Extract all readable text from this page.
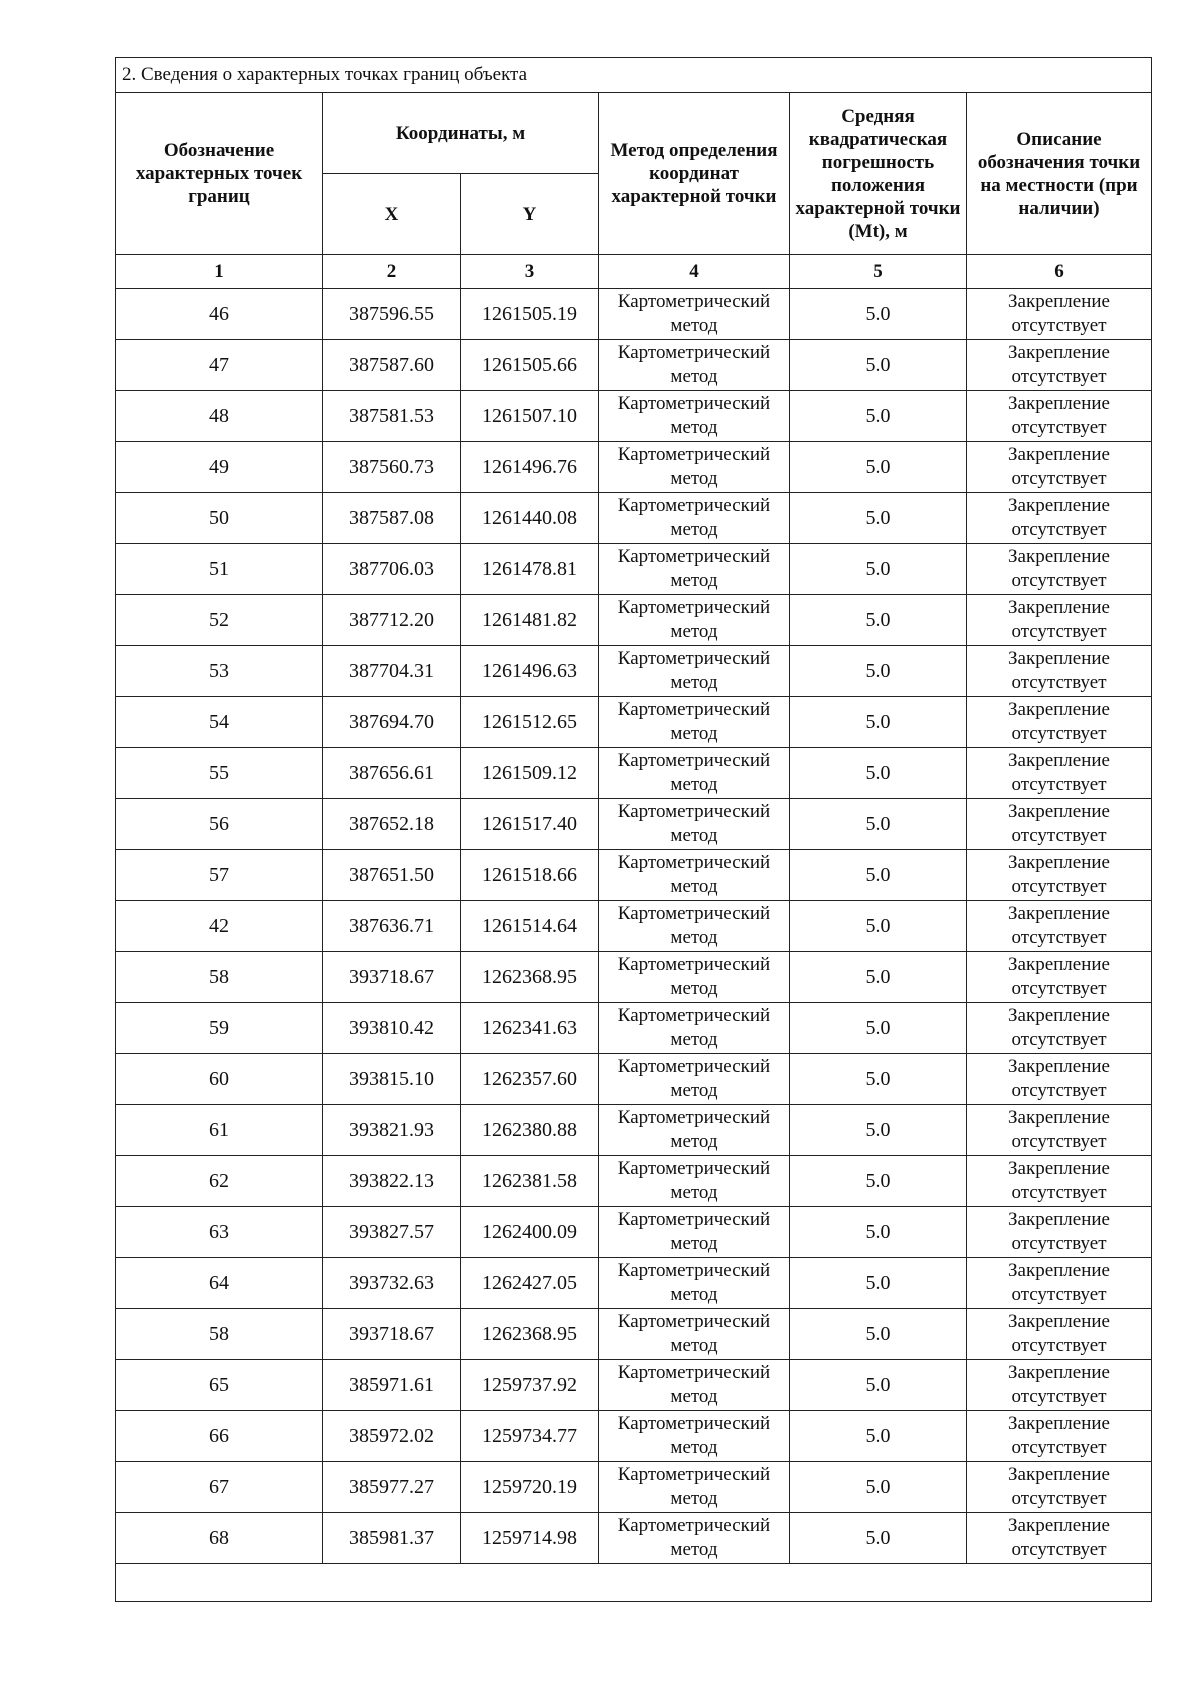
2. Сведения о характерных точках границ объекта					
Обозначение характерных точек границ	Координаты, м		Метод определения координат характерной точки	Средняя квадратическая погрешность положения характерной точки (Mt), м	Описание обозначения точки на местности (при наличии)
	X	Y			
1	2	3	4	5	6
46	387596.55	1261505.19	Картометрический метод	5.0	Закрепление отсутствует
47	387587.60	1261505.66	Картометрический метод	5.0	Закрепление отсутствует
48	387581.53	1261507.10	Картометрический метод	5.0	Закрепление отсутствует
49	387560.73	1261496.76	Картометрический метод	5.0	Закрепление отсутствует
50	387587.08	1261440.08	Картометрический метод	5.0	Закрепление отсутствует
51	387706.03	1261478.81	Картометрический метод	5.0	Закрепление отсутствует
52	387712.20	1261481.82	Картометрический метод	5.0	Закрепление отсутствует
53	387704.31	1261496.63	Картометрический метод	5.0	Закрепление отсутствует
54	387694.70	1261512.65	Картометрический метод	5.0	Закрепление отсутствует
55	387656.61	1261509.12	Картометрический метод	5.0	Закрепление отсутствует
56	387652.18	1261517.40	Картометрический метод	5.0	Закрепление отсутствует
57	387651.50	1261518.66	Картометрический метод	5.0	Закрепление отсутствует
42	387636.71	1261514.64	Картометрический метод	5.0	Закрепление отсутствует
58	393718.67	1262368.95	Картометрический метод	5.0	Закрепление отсутствует
59	393810.42	1262341.63	Картометрический метод	5.0	Закрепление отсутствует
60	393815.10	1262357.60	Картометрический метод	5.0	Закрепление отсутствует
61	393821.93	1262380.88	Картометрический метод	5.0	Закрепление отсутствует
62	393822.13	1262381.58	Картометрический метод	5.0	Закрепление отсутствует
63	393827.57	1262400.09	Картометрический метод	5.0	Закрепление отсутствует
64	393732.63	1262427.05	Картометрический метод	5.0	Закрепление отсутствует
58	393718.67	1262368.95	Картометрический метод	5.0	Закрепление отсутствует
65	385971.61	1259737.92	Картометрический метод	5.0	Закрепление отсутствует
66	385972.02	1259734.77	Картометрический метод	5.0	Закрепление отсутствует
67	385977.27	1259720.19	Картометрический метод	5.0	Закрепление отсутствует
68	385981.37	1259714.98	Картометрический метод	5.0	Закрепление отсутствует
